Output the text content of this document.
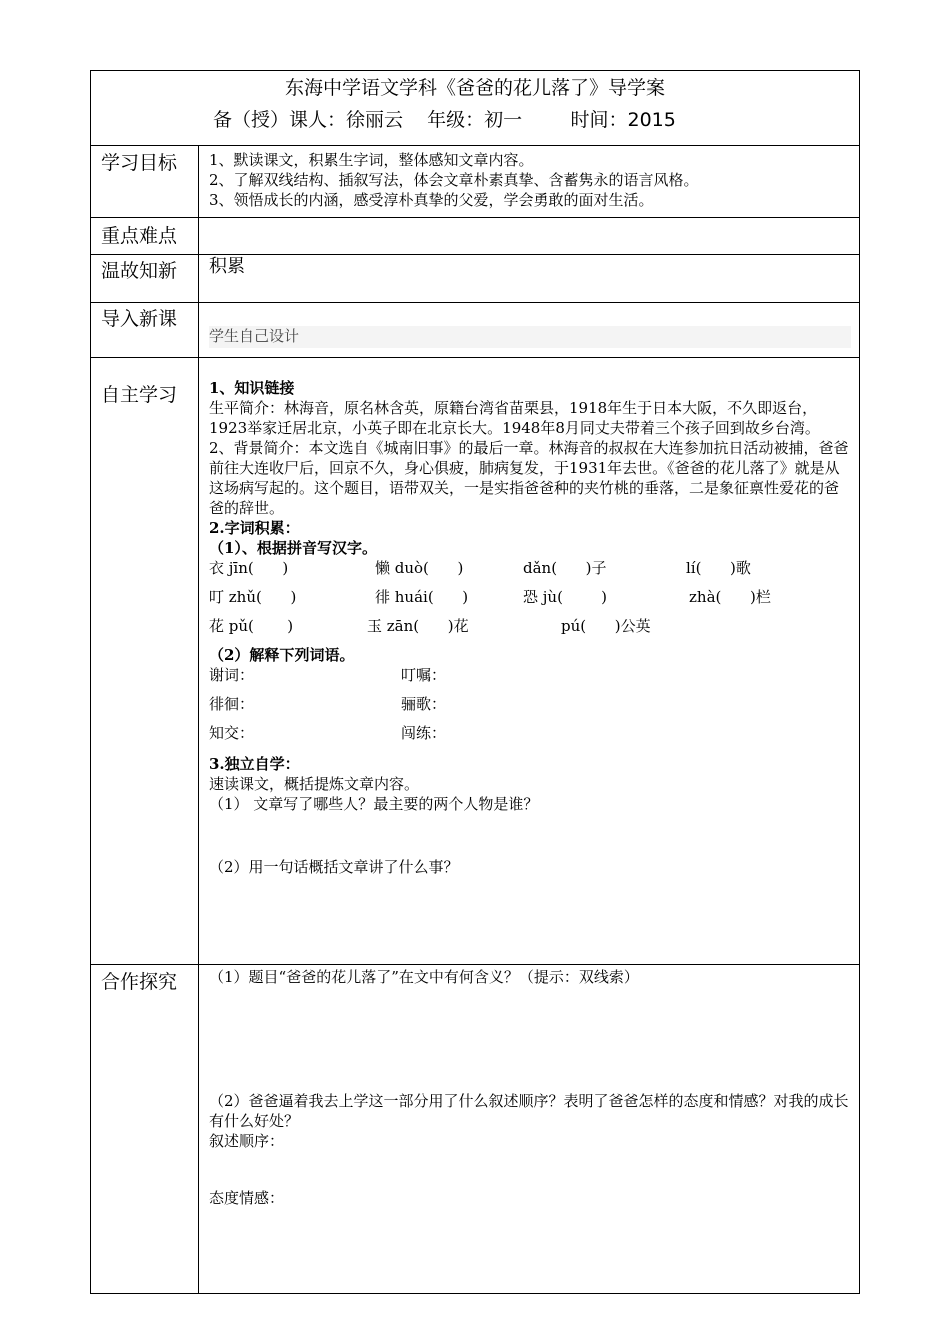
东海中学语文学科《爸爸的花儿落了》导学案
备（授）课人：徐丽云    年级：初一        时间：2015
学习目标 1、默读课文，积累生字词，整体感知文章内容。

2、了解双线结构、插叙写法，体会文章朴素真挚、含蓄隽永的语言风格。

3、领悟成长的内涵，感受淳朴真挚的父爱，学会勇敢的面对生活。

重点难点
温故知新 积累
导入新课
学生自己设计
自主学习 1、知识链接

生平简介：林海音，原名林含英，原籍台湾省苗栗县，1918年生于日本大阪，不久即返台，1923举家迁居北京，小英子即在北京长大。1948年8月同丈夫带着三个孩子回到故乡台湾。

2、背景简介：本文选自《城南旧事》的最后一章。林海音的叔叔在大连参加抗日活动被捕，爸爸前往大连收尸后，回京不久，身心俱疲，肺病复发，于1931年去世。《爸爸的花儿落了》就是从这场病写起的。这个题目，语带双关，一是实指爸爸种的夹竹桃的垂落，二是象征禀性爱花的爸爸的辞世。

2.字词积累：

（1）、根据拼音写汉字。

衣 jīn(      )	懒 duò(      )	dǎn(      )子	lí(      )歌
叮 zhǔ(      )	徘 huái(      )	恐 jù(        )	zhà(      )栏
花 pǔ(       )	玉 zān(      )花	pú(      )公英

（2）解释下列词语。

谢词：	叮嘱：
徘徊：	骊歌：
知交：	闯练：

3.独立自学：

速读课文，概括提炼文章内容。

（1） 文章写了哪些人？最主要的两个人物是谁？

（2）用一句话概括文章讲了什么事？

合作探究 （1）题目“爸爸的花儿落了”在文中有何含义？（提示：双线索）

（2）爸爸逼着我去上学这一部分用了什么叙述顺序？表明了爸爸怎样的态度和情感？对我的成长有什么好处？

叙述顺序：

态度情感：
